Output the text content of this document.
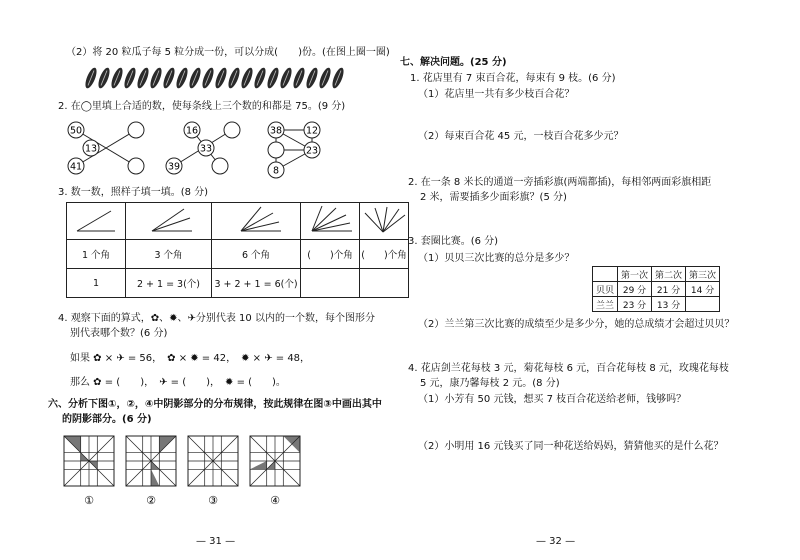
（2）将 20 粒瓜子每 5 粒分成一份，可以分成(　　)份。(在图上圈一圈)
2. 在◯里填上合适的数，使每条线上三个数的和都是 75。(9 分)
50
13
41
16
33
39
38	12
23
8
3. 数一数，照样子填一填。(8 分)

1 个角	3 个角	6 个角	(　　)个角	(　　)个角
1	2 + 1 = 3(个)	3 + 2 + 1 = 6(个)		
4. 观察下面的算式，✿、✹、✈分别代表 10 以内的一个数，每个图形分
别代表哪个数？(6 分)
如果 ✿ × ✈ = 56，　✿ × ✹ = 42，　✹ × ✈ = 48，
那么 ✿ = (　　)，　✈ = (　　)，　✹ = (　　)。
六、分析下图①，②，④中阴影部分的分布规律，按此规律在图③中画出其中
的阴影部分。(6 分)
①	②	③	④
— 31 —
七、解决问题。(25 分)
1. 花店里有 7 束百合花，每束有 9 枝。(6 分)
（1）花店里一共有多少枝百合花？
（2）每束百合花 45 元，一枝百合花多少元？
2. 在一条 8 米长的通道一旁插彩旗(两端都插)，每相邻两面彩旗相距
2 米，需要插多少面彩旗？(5 分)
3. 套圈比赛。(6 分)
（1）贝贝三次比赛的总分是多少？
	第一次	第二次	第三次
贝贝	29 分	21 分	14 分
兰兰	23 分	13 分	
（2）兰兰第三次比赛的成绩至少是多少分，她的总成绩才会超过贝贝？
4. 花店剑兰花每枝 3 元，菊花每枝 6 元，百合花每枝 8 元，玫瑰花每枝
5 元，康乃馨每枝 2 元。(8 分)
（1）小芳有 50 元钱，想买 7 枝百合花送给老师，钱够吗？
（2）小明用 16 元钱买了同一种花送给妈妈，猜猜他买的是什么花？
— 32 —
